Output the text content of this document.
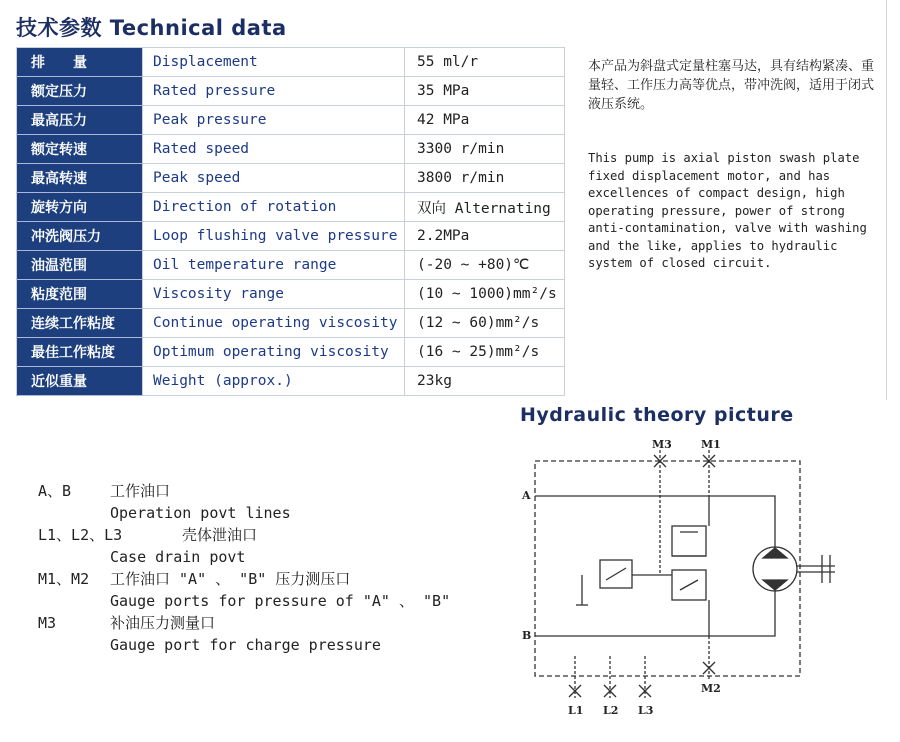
技术参数 Technical data
排　　量	Displacement	55 ml/r
额定压力	Rated pressure	35 MPa
最高压力	Peak pressure	42 MPa
额定转速	Rated speed	3300 r/min
最高转速	Peak speed	3800 r/min
旋转方向	Direction of rotation	双向 Alternating
冲洗阀压力	Loop flushing valve pressure	2.2MPa
油温范围	Oil temperature range	(-20 ~ +80)℃
粘度范围	Viscosity range	(10 ~ 1000)mm²/s
连续工作粘度	Continue operating viscosity	(12 ~ 60)mm²/s
最佳工作粘度	Optimum operating viscosity	(16 ~ 25)mm²/s
近似重量	Weight (approx.)	23kg

本产品为斜盘式定量柱塞马达，具有结构紧凑、重量轻、工作压力高等优点，带冲洗阀，适用于闭式液压系统。

This pump is axial piston swash plate fixed displacement motor, and has excellences of compact design, high operating pressure, power of strong anti-contamination, valve with washing and the like, applies to hydraulic system of closed circuit.

A、B	工作油口
Operation povt lines
L1、L2、L3	壳体泄油口
Case drain povt
M1、M2 工作油口 "A" 、 "B" 压力测压口
Gauge ports for pressure of "A" 、 "B"
M3	补油压力测量口
Gauge port for charge pressure
Hydraulic theory picture
M3	M1
A
B
M2
L1 L2 L3
